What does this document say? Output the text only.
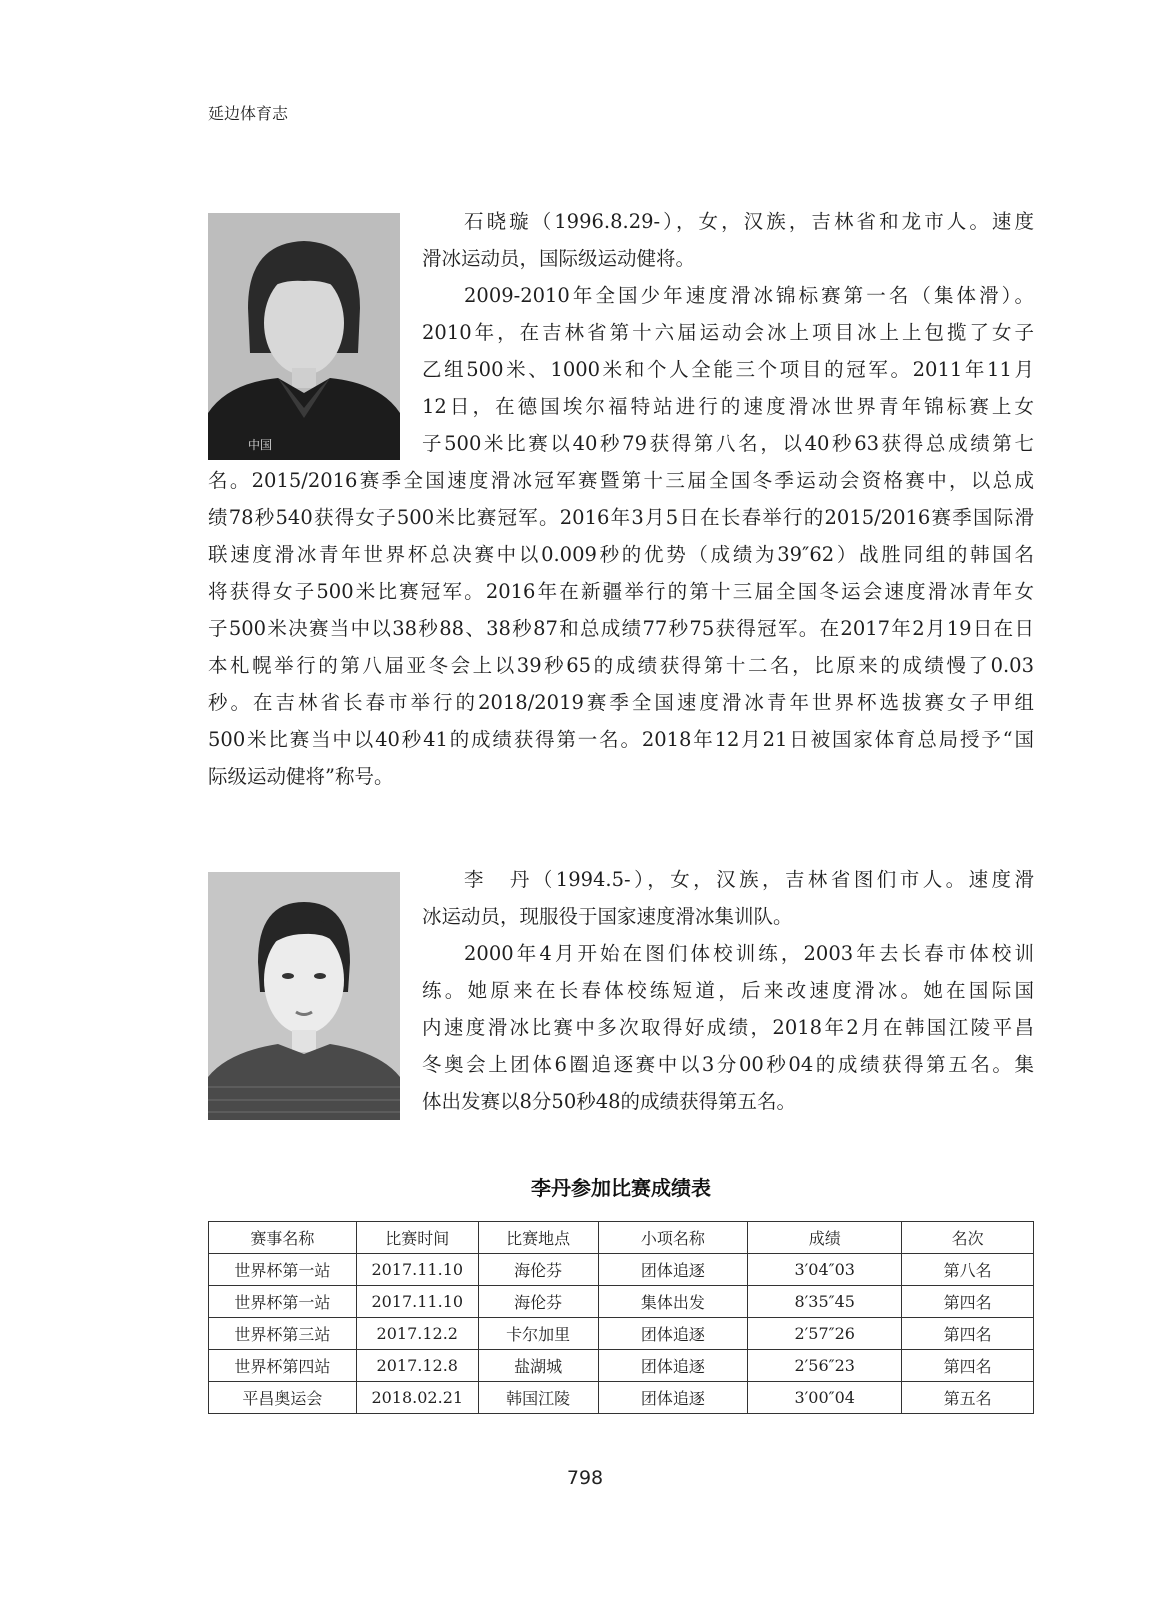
延边体育志
中国
石晓璇（1996.8.29-），女，汉族，吉林省和龙市人。速度
滑冰运动员，国际级运动健将。
2009-2010年全国少年速度滑冰锦标赛第一名（集体滑）。
2010年，在吉林省第十六届运动会冰上项目冰上上包揽了女子
乙组500米、1000米和个人全能三个项目的冠军。2011年11月
12日，在德国埃尔福特站进行的速度滑冰世界青年锦标赛上女
子500米比赛以40秒79获得第八名，以40秒63获得总成绩第七
名。2015/2016赛季全国速度滑冰冠军赛暨第十三届全国冬季运动会资格赛中，以总成
绩78秒540获得女子500米比赛冠军。2016年3月5日在长春举行的2015/2016赛季国际滑
联速度滑冰青年世界杯总决赛中以0.009秒的优势（成绩为39″62）战胜同组的韩国名
将获得女子500米比赛冠军。2016年在新疆举行的第十三届全国冬运会速度滑冰青年女
子500米决赛当中以38秒88、38秒87和总成绩77秒75获得冠军。在2017年2月19日在日
本札幌举行的第八届亚冬会上以39秒65的成绩获得第十二名，比原来的成绩慢了0.03
秒。在吉林省长春市举行的2018/2019赛季全国速度滑冰青年世界杯选拔赛女子甲组
500米比赛当中以40秒41的成绩获得第一名。2018年12月21日被国家体育总局授予“国
际级运动健将”称号。
李　丹（1994.5-），女，汉族，吉林省图们市人。速度滑
冰运动员，现服役于国家速度滑冰集训队。
2000年4月开始在图们体校训练，2003年去长春市体校训
练。她原来在长春体校练短道，后来改速度滑冰。她在国际国
内速度滑冰比赛中多次取得好成绩，2018年2月在韩国江陵平昌
冬奥会上团体6圈追逐赛中以3分00秒04的成绩获得第五名。集
体出发赛以8分50秒48的成绩获得第五名。
李丹参加比赛成绩表
赛事名称	比赛时间	比赛地点	小项名称	成绩	名次
世界杯第一站	2017.11.10	海伦芬	团体追逐	3′04″03	第八名
世界杯第一站	2017.11.10	海伦芬	集体出发	8′35″45	第四名
世界杯第三站	2017.12.2	卡尔加里	团体追逐	2′57″26	第四名
世界杯第四站	2017.12.8	盐湖城	团体追逐	2′56″23	第四名
平昌奥运会	2018.02.21	韩国江陵	团体追逐	3′00″04	第五名
798
